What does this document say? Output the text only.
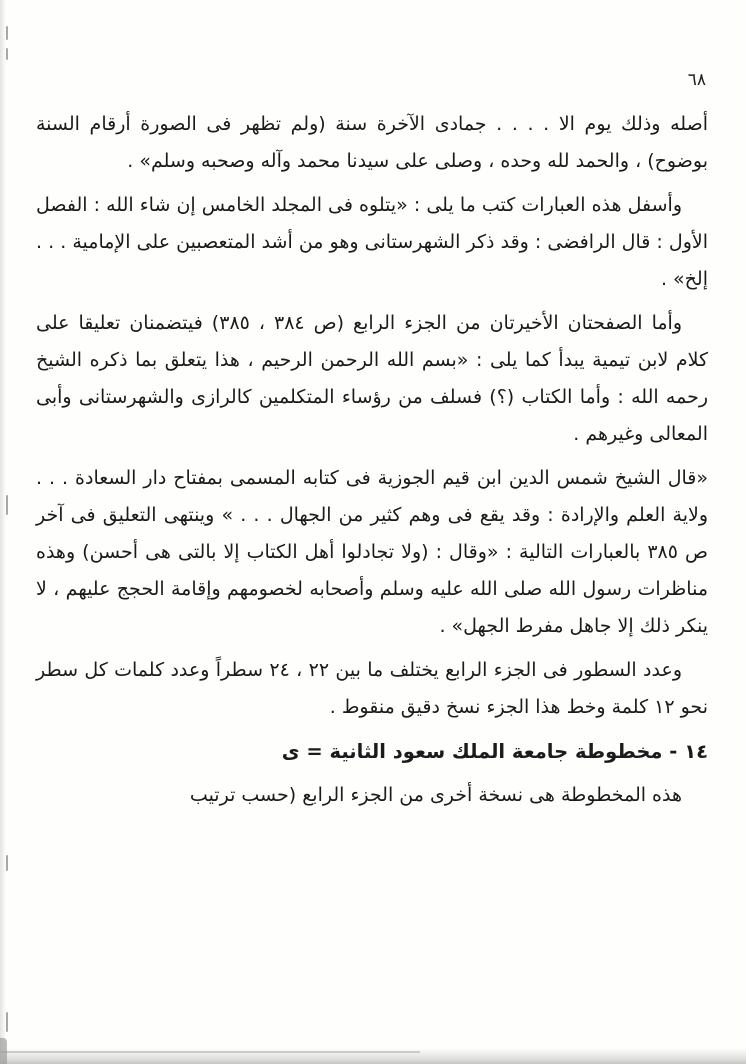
٦٨

أصله وذلك يوم الا . . . . جمادى الآخرة سنة (ولم تظهر فى الصورة أرقام السنة بوضوح) ، والحمد لله وحده ، وصلى على سيدنا محمد وآله وصحبه وسلم» .

وأسفل هذه العبارات كتب ما يلى : «يتلوه فى المجلد الخامس إن شاء الله : الفصل الأول : قال الرافضى : وقد ذكر الشهرستانى وهو من أشد المتعصبين على الإمامية . . . إلخ» .

وأما الصفحتان الأخيرتان من الجزء الرابع (ص ٣٨٤ ، ٣٨٥) فيتضمنان تعليقا على كلام لابن تيمية يبدأ كما يلى : «بسم الله الرحمن الرحيم ، هذا يتعلق بما ذكره الشيخ رحمه الله : وأما الكتاب (؟) فسلف من رؤساء المتكلمين كالرازى والشهرستانى وأبى المعالى وغيرهم .

«قال الشيخ شمس الدين ابن قيم الجوزية فى كتابه المسمى بمفتاح دار السعادة . . . ولاية العلم والإرادة : وقد يقع فى وهم كثير من الجهال . . . » وينتهى التعليق فى آخر ص ٣٨٥ بالعبارات التالية : «وقال : (ولا تجادلوا أهل الكتاب إلا بالتى هى أحسن) وهذه مناظرات رسول الله صلى الله عليه وسلم وأصحابه لخصومهم وإقامة الحجج عليهم ، لا ينكر ذلك إلا جاهل مفرط الجهل» .

وعدد السطور فى الجزء الرابع يختلف ما بين ٢٢ ، ٢٤ سطراً وعدد كلمات كل سطر نحو ١٢ كلمة وخط هذا الجزء نسخ دقيق منقوط .

١٤ - مخطوطة جامعة الملك سعود الثانية = ى

هذه المخطوطة هى نسخة أخرى من الجزء الرابع (حسب ترتيب
